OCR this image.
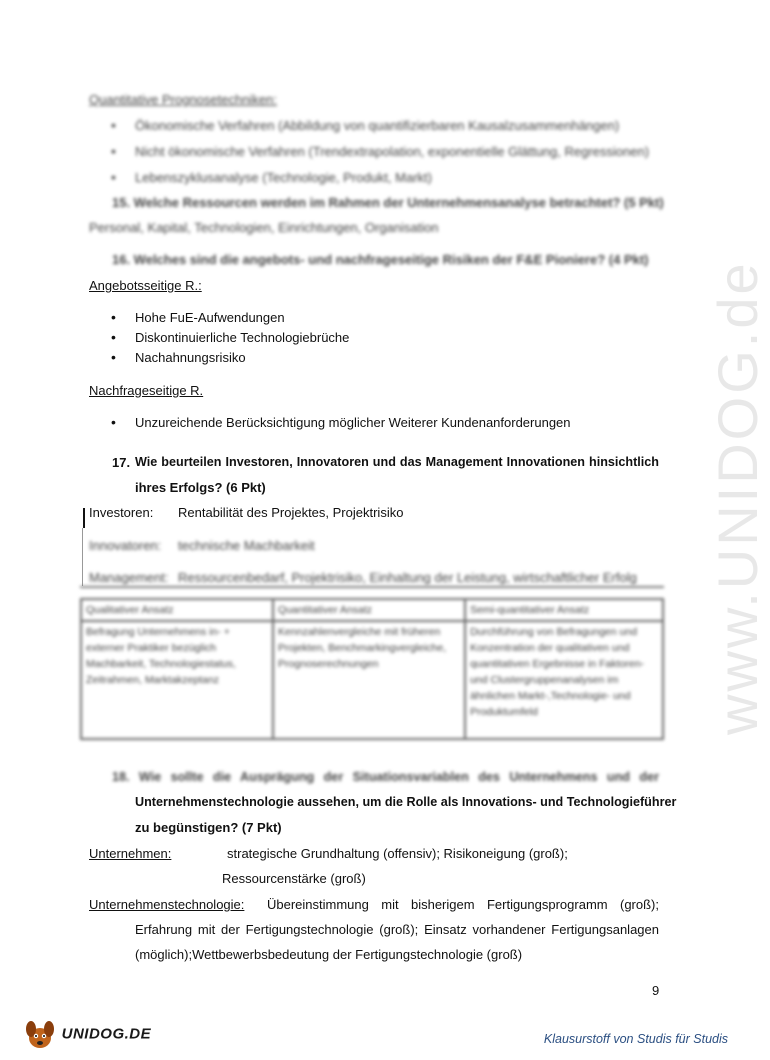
www.UNIDOG.de
Quantitative Prognosetechniken:
• Ökonomische Verfahren (Abbildung von quantifizierbaren Kausalzusammenhängen)
• Nicht ökonomische Verfahren (Trendextrapolation, exponentielle Glättung, Regressionen)
• Lebenszyklusanalyse (Technologie, Produkt, Markt)
15. Welche Ressourcen werden im Rahmen der Unternehmensanalyse betrachtet? (5 Pkt)
Personal, Kapital, Technologien, Einrichtungen, Organisation
16. Welches sind die angebots- und nachfrageseitige Risiken der F&E Pioniere? (4 Pkt)
Angebotsseitige R.:
• Hohe FuE-Aufwendungen
• Diskontinuierliche Technologiebrüche
• Nachahnungsrisiko
Nachfrageseitige R.
• Unzureichende Berücksichtigung möglicher Weiterer Kundenanforderungen
17. Wie beurteilen Investoren, Innovatoren und das Management Innovationen hinsichtlich
ihres Erfolgs? (6 Pkt)
Investoren: Rentabilität des Projektes, Projektrisiko
Innovatoren: technische Machbarkeit
Management: Ressourcenbedarf, Projektrisiko, Einhaltung der Leistung, wirtschaftlicher Erfolg
Qualitativer Ansatz	Quantitativer Ansatz	Semi-quantitativer Ansatz
Befragung Unternehmens in- + externer Praktiker bezüglich Machbarkeit, Technologiestatus, Zeitrahmen, Marktakzeptanz	Kennzahlenvergleiche mit früheren Projekten, Benchmarkingvergleiche, Prognoserechnungen	Durchführung von Befragungen und Konzentration der qualitativen und quantitativen Ergebnisse in Faktoren- und Clustergruppenanalysen im ähnlichen Markt-,Technologie- und Produktumfeld
18. Wie sollte die Ausprägung der Situationsvariablen des Unternehmens und der
Unternehmenstechnologie aussehen, um die Rolle als Innovations- und Technologieführer
zu begünstigen? (7 Pkt)
Unternehmen:	strategische Grundhaltung (offensiv); Risikoneigung (groß);
Ressourcenstärke (groß)
Unternehmenstechnologie: Übereinstimmung mit bisherigem Fertigungsprogramm (groß);
Erfahrung mit der Fertigungstechnologie (groß); Einsatz vorhandener Fertigungsanlagen
(möglich);Wettbewerbsbedeutung der Fertigungstechnologie (groß)
9
UNIDOG.DE	Klausurstoff von Studis für Studis
